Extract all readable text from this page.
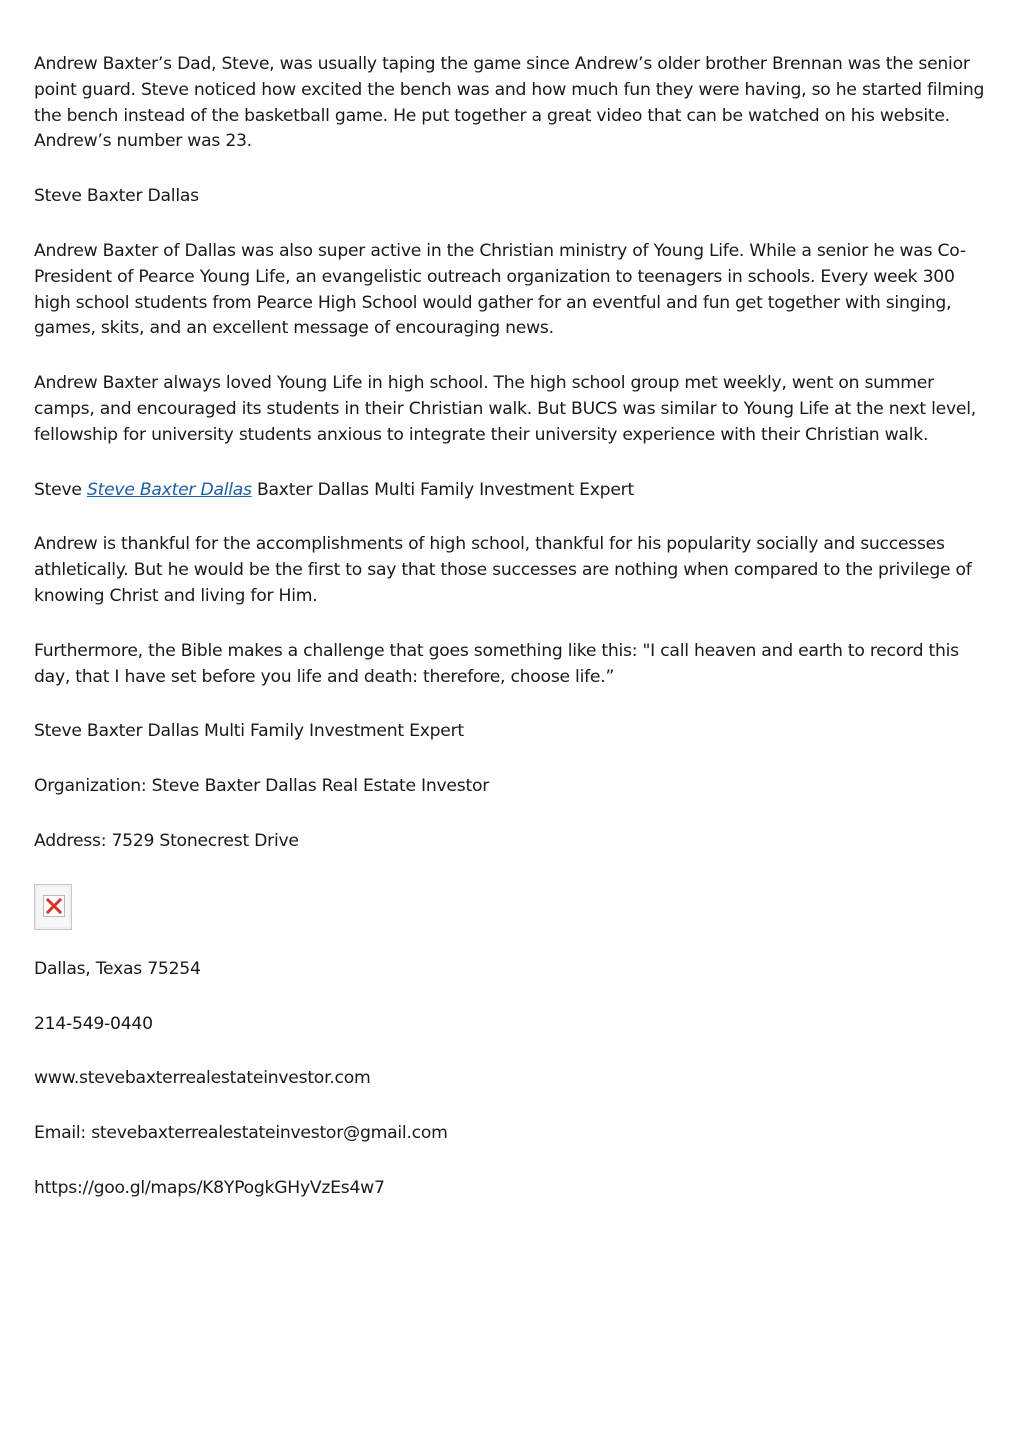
Andrew Baxter’s Dad, Steve, was usually taping the game since Andrew’s older brother Brennan was the senior point guard. Steve noticed how excited the bench was and how much fun they were having, so he started filming the bench instead of the basketball game. He put together a great video that can be watched on his website. Andrew’s number was 23.

Steve Baxter Dallas

Andrew Baxter of Dallas was also super active in the Christian ministry of Young Life. While a senior he was Co-President of Pearce Young Life, an evangelistic outreach organization to teenagers in schools. Every week 300 high school students from Pearce High School would gather for an eventful and fun get together with singing, games, skits, and an excellent message of encouraging news.

Andrew Baxter always loved Young Life in high school. The high school group met weekly, went on summer camps, and encouraged its students in their Christian walk. But BUCS was similar to Young Life at the next level, fellowship for university students anxious to integrate their university experience with their Christian walk.

Steve Steve Baxter Dallas Baxter Dallas Multi Family Investment Expert

Andrew is thankful for the accomplishments of high school, thankful for his popularity socially and successes athletically. But he would be the first to say that those successes are nothing when compared to the privilege of knowing Christ and living for Him.

Furthermore, the Bible makes a challenge that goes something like this: "I call heaven and earth to record this day, that I have set before you life and death: therefore, choose life.”

Steve Baxter Dallas Multi Family Investment Expert

Organization: Steve Baxter Dallas Real Estate Investor

Address: 7529 Stonecrest Drive

Dallas, Texas 75254

214-549-0440

www.stevebaxterrealestateinvestor.com

Email: stevebaxterrealestateinvestor@gmail.com

https://goo.gl/maps/K8YPogkGHyVzEs4w7
